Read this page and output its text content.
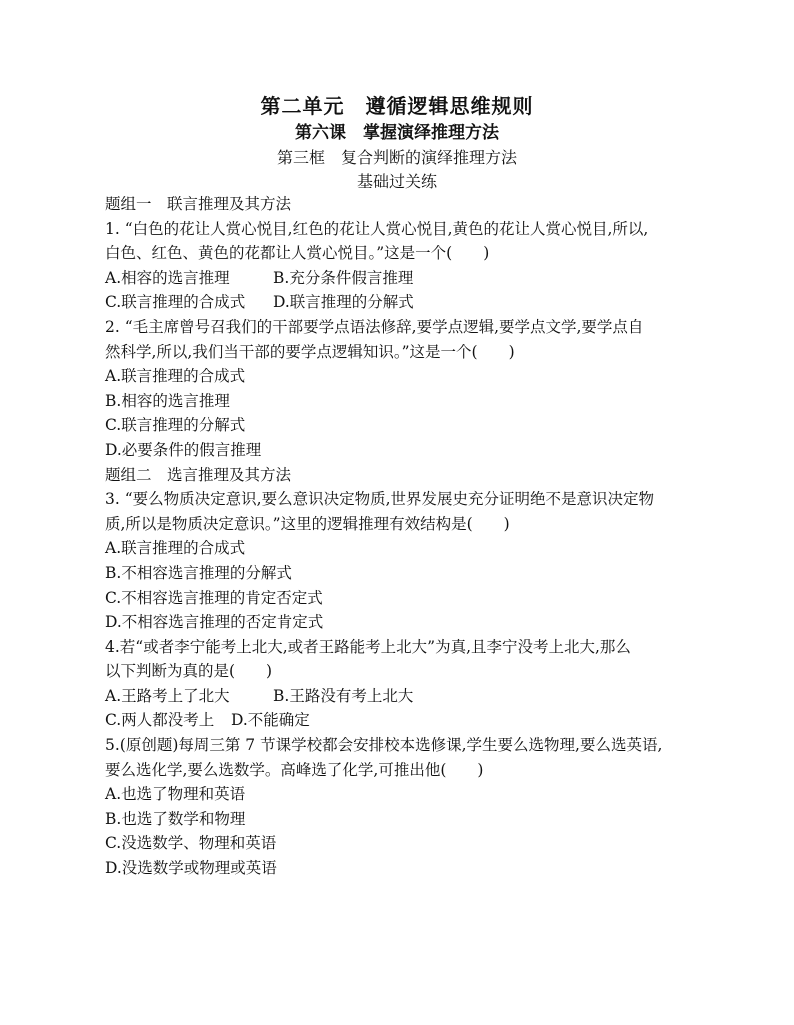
第二单元　遵循逻辑思维规则
第六课　掌握演绎推理方法
第三框　复合判断的演绎推理方法
基础过关练
题组一　联言推理及其方法
1. “白色的花让人赏心悦目,红色的花让人赏心悦目,黄色的花让人赏心悦目,所以,
白色、红色、黄色的花都让人赏心悦目。”这是一个(　　)
A.相容的选言推理	B.充分条件假言推理
C.联言推理的合成式	D.联言推理的分解式
2. “毛主席曾号召我们的干部要学点语法修辞,要学点逻辑,要学点文学,要学点自
然科学,所以,我们当干部的要学点逻辑知识。”这是一个(　　)
A.联言推理的合成式
B.相容的选言推理
C.联言推理的分解式
D.必要条件的假言推理
题组二　选言推理及其方法
3. “要么物质决定意识,要么意识决定物质,世界发展史充分证明绝不是意识决定物
质,所以是物质决定意识。”这里的逻辑推理有效结构是(　　)
A.联言推理的合成式
B.不相容选言推理的分解式
C.不相容选言推理的肯定否定式
D.不相容选言推理的否定肯定式
4.若“或者李宁能考上北大,或者王路能考上北大”为真,且李宁没考上北大,那么
以下判断为真的是(　　)
A.王路考上了北大	B.王路没有考上北大
C.两人都没考上	D.不能确定
5.(原创题)每周三第 7 节课学校都会安排校本选修课,学生要么选物理,要么选英语,
要么选化学,要么选数学。高峰选了化学,可推出他(　　)
A.也选了物理和英语
B.也选了数学和物理
C.没选数学、物理和英语
D.没选数学或物理或英语
